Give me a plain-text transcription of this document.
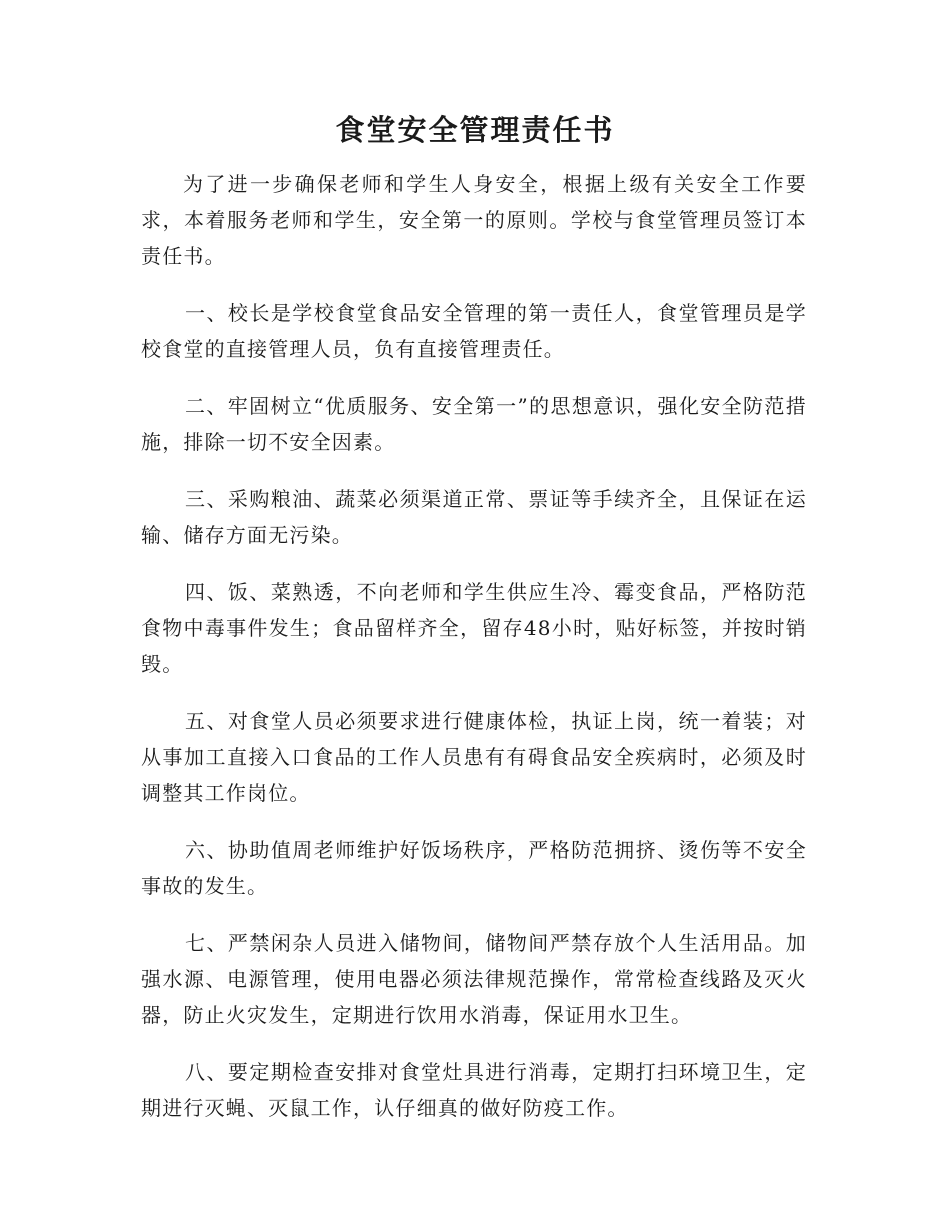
食堂安全管理责任书

为了进一步确保老师和学生人身安全，根据上级有关安全工作要求，本着服务老师和学生，安全第一的原则。学校与食堂管理员签订本责任书。

一、校长是学校食堂食品安全管理的第一责任人，食堂管理员是学校食堂的直接管理人员，负有直接管理责任。

二、牢固树立“优质服务、安全第一”的思想意识，强化安全防范措施，排除一切不安全因素。

三、采购粮油、蔬菜必须渠道正常、票证等手续齐全，且保证在运输、储存方面无污染。

四、饭、菜熟透，不向老师和学生供应生冷、霉变食品，严格防范食物中毒事件发生；食品留样齐全，留存48小时，贴好标签，并按时销毁。

五、对食堂人员必须要求进行健康体检，执证上岗，统一着装；对从事加工直接入口食品的工作人员患有有碍食品安全疾病时，必须及时调整其工作岗位。

六、协助值周老师维护好饭场秩序，严格防范拥挤、烫伤等不安全事故的发生。

七、严禁闲杂人员进入储物间，储物间严禁存放个人生活用品。加强水源、电源管理，使用电器必须法律规范操作，常常检查线路及灭火器，防止火灾发生，定期进行饮用水消毒，保证用水卫生。

八、要定期检查安排对食堂灶具进行消毒，定期打扫环境卫生，定期进行灭蝇、灭鼠工作，认仔细真的做好防疫工作。
